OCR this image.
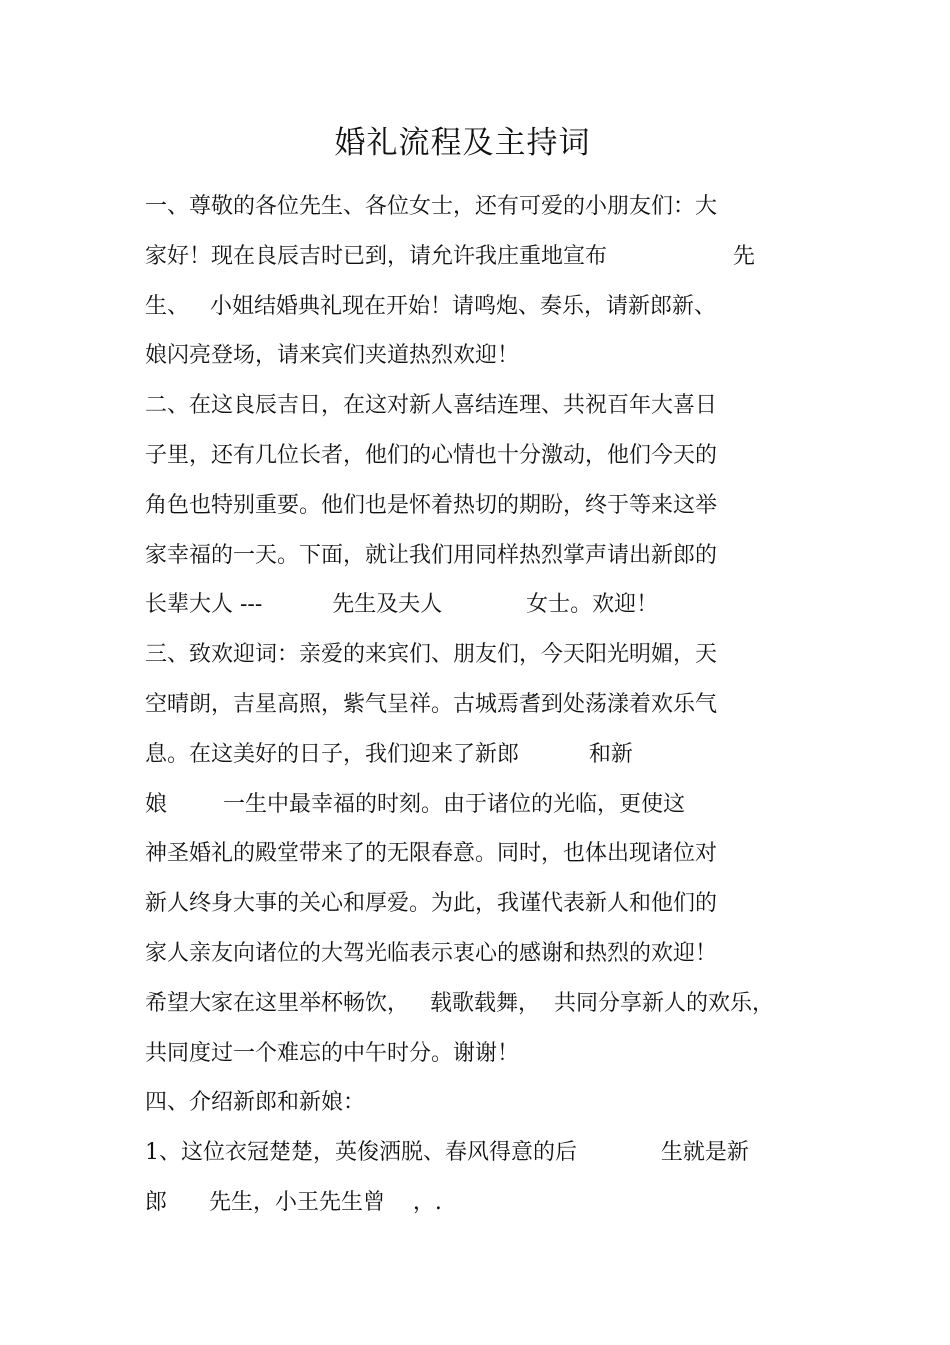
婚礼流程及主持词
一、尊敬的各位先生、各位女士，还有可爱的小朋友们：大
家好！现在良辰吉时已到，请允许我庄重地宣布                  先
生、   小姐结婚典礼现在开始！请鸣炮、奏乐，请新郎新、
娘闪亮登场，请来宾们夹道热烈欢迎！
二、在这良辰吉日，在这对新人喜结连理、共祝百年大喜日
子里，还有几位长者，他们的心情也十分激动，他们今天的
角色也特别重要。他们也是怀着热切的期盼，终于等来这举
家幸福的一天。下面，就让我们用同样热烈掌声请出新郎的
长辈大人 ---          先生及夫人            女士。欢迎！
三、致欢迎词：亲爱的来宾们、朋友们，今天阳光明媚，天
空晴朗，吉星高照，紫气呈祥。古城焉耆到处荡漾着欢乐气
息。在这美好的日子，我们迎来了新郎          和新
娘        一生中最幸福的时刻。由于诸位的光临，更使这
神圣婚礼的殿堂带来了的无限春意。同时，也体出现诸位对
新人终身大事的关心和厚爱。为此，我谨代表新人和他们的
家人亲友向诸位的大驾光临表示衷心的感谢和热烈的欢迎！
希望大家在这里举杯畅饮，   载歌载舞，  共同分享新人的欢乐，
共同度过一个难忘的中午时分。谢谢！
四、介绍新郎和新娘：
1、这位衣冠楚楚，英俊洒脱、春风得意的后            生就是新
郎      先生，小王先生曾    ，.
